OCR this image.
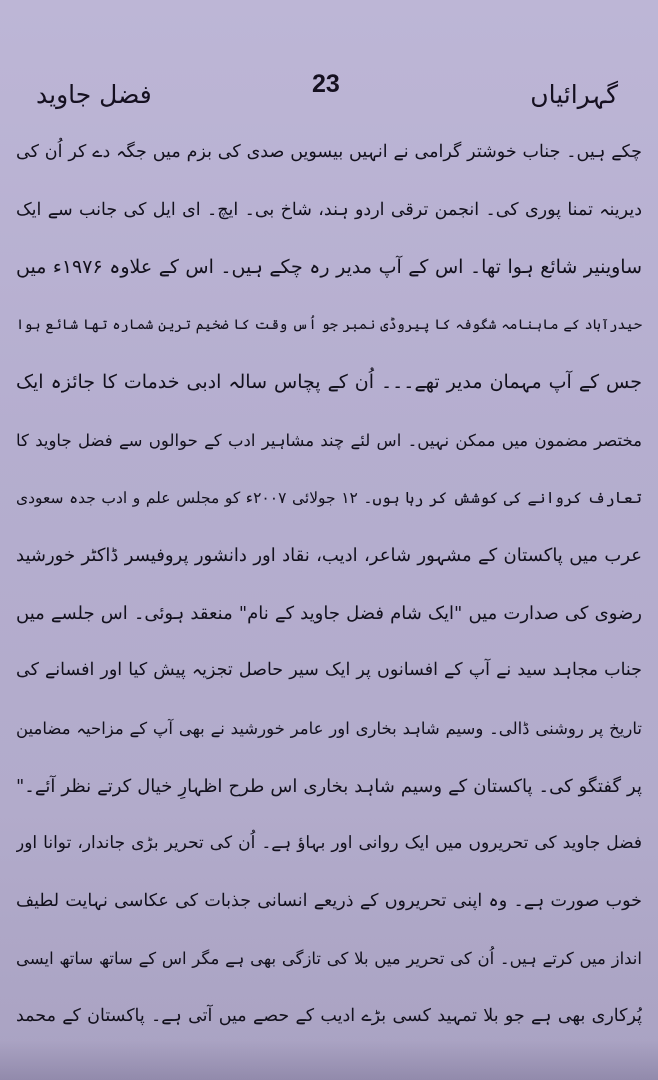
گہرائیاں
23
فضل جاوید
چکے ہیں۔ جناب خوشتر گرامی نے انہیں بیسویں صدی کی بزم میں جگہ دے کر اُن کی
دیرینہ تمنا پوری کی۔ انجمن ترقی اردو ہند، شاخ بی۔ ایچ۔ ای ایل کی جانب سے ایک
ساوینیر شائع ہوا تھا۔ اس کے آپ مدیر رہ چکے ہیں۔ اس کے علاوہ ۱۹۷۶ء میں
حیدرآباد کے ماہنامہ شگوفہ کا پیروڈی نمبر جو اُس وقت کا ضخیم ترین شمارہ تھا شائع ہوا
جس کے آپ مہمان مدیر تھے۔۔۔ اُن کے پچاس سالہ ادبی خدمات کا جائزہ ایک
مختصر مضمون میں ممکن نہیں۔ اس لئے چند مشاہیر ادب کے حوالوں سے فضل جاوید کا
تعارف کروانے کی کوشش کر رہا ہوں۔ ۱۲ جولائی ۲۰۰۷ء کو مجلس علم و ادب جدہ سعودی
عرب میں پاکستان کے مشہور شاعر، ادیب، نقاد اور دانشور پروفیسر ڈاکٹر خورشید
رضوی کی صدارت میں "ایک شام فضل جاوید کے نام" منعقد ہوئی۔ اس جلسے میں
جناب مجاہد سید نے آپ کے افسانوں پر ایک سیر حاصل تجزیہ پیش کیا اور افسانے کی
تاریخ پر روشنی ڈالی۔ وسیم شاہد بخاری اور عامر خورشید نے بھی آپ کے مزاحیہ مضامین
پر گفتگو کی۔ پاکستان کے وسیم شاہد بخاری اس طرح اظہارِ خیال کرتے نظر آئے۔"
فضل جاوید کی تحریروں میں ایک روانی اور بہاؤ ہے۔ اُن کی تحریر بڑی جاندار، توانا اور
خوب صورت ہے۔ وہ اپنی تحریروں کے ذریعے انسانی جذبات کی عکاسی نہایت لطیف
انداز میں کرتے ہیں۔ اُن کی تحریر میں بلا کی تازگی بھی ہے مگر اس کے ساتھ ساتھ ایسی
پُرکاری بھی ہے جو بلا تمہید کسی بڑے ادیب کے حصے میں آتی ہے۔ پاکستان کے محمد
